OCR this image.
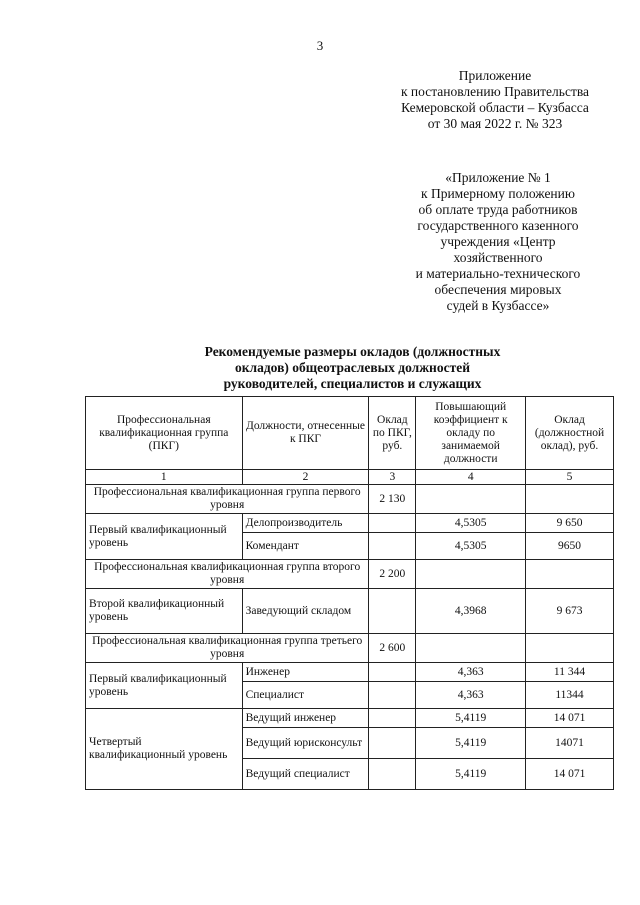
3
Приложение
к постановлению Правительства
Кемеровской области – Кузбасса
от 30 мая 2022 г. № 323
«Приложение № 1
к Примерному положению
об оплате труда работников
государственного казенного
учреждения «Центр
хозяйственного
и материально-технического
обеспечения мировых
судей в Кузбассе»
Рекомендуемые размеры окладов (должностных
окладов) общеотраслевых должностей
руководителей, специалистов и служащих
Профессиональная квалификационная группа (ПКГ)	Должности, отнесенные к ПКГ	Оклад по ПКГ, руб.	Повышающий коэффициент к окладу по занимаемой должности	Оклад (должностной оклад), руб.
1	2	3	4	5
Профессиональная квалификационная группа первого уровня		2 130		
Первый квалификационный уровень	Делопроизводитель		4,5305	9 650
	Комендант		4,5305	9650
Профессиональная квалификационная группа второго уровня		2 200		
Второй квалификационный уровень	Заведующий складом		4,3968	9 673
Профессиональная квалификационная группа третьего уровня		2 600		
Первый квалификационный уровень	Инженер		4,363	11 344
	Специалист		4,363	11344
Четвертый квалификационный уровень	Ведущий инженер		5,4119	14 071
	Ведущий юрисконсульт		5,4119	14071
	Ведущий специалист		5,4119	14 071
